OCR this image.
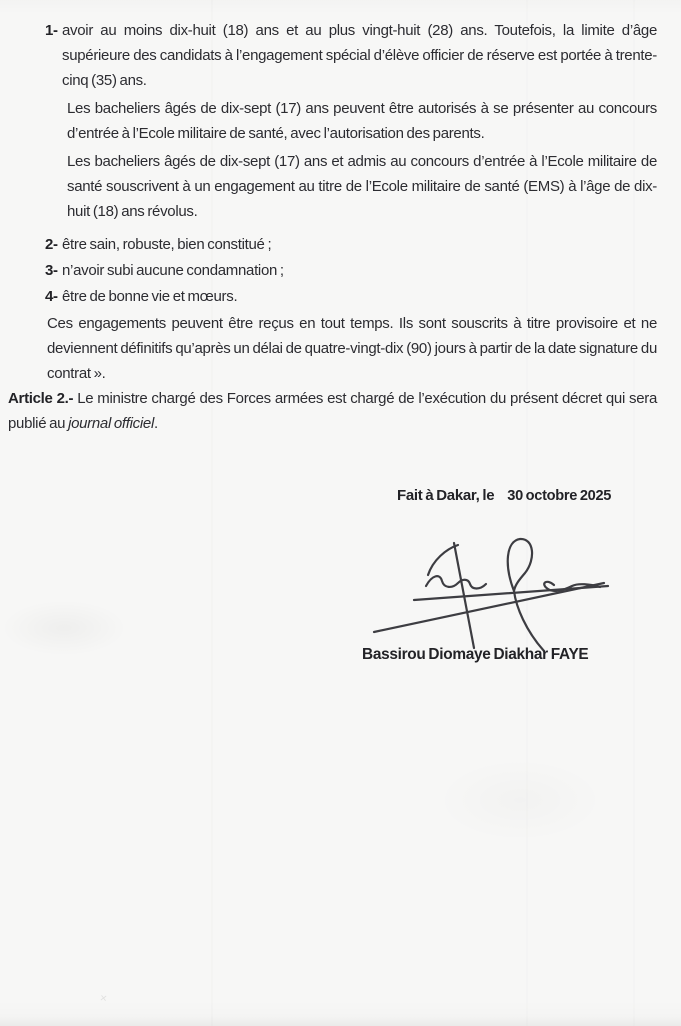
1- avoir au moins dix-huit (18) ans et au plus vingt-huit (28) ans. Toutefois, la limite d’âge supérieure des candidats à l’engagement spécial d’élève officier de réserve est portée à trente-cinq (35) ans.

Les bacheliers âgés de dix-sept (17) ans peuvent être autorisés à se présenter au concours d’entrée à l’Ecole militaire de santé, avec l’autorisation des parents.

Les bacheliers âgés de dix-sept (17) ans et admis au concours d’entrée à l’Ecole militaire de santé souscrivent à un engagement au titre de l’Ecole militaire de santé (EMS) à l’âge de dix-huit (18) ans révolus.

2- être sain, robuste, bien constitué ;
3- n’avoir subi aucune condamnation ;
4- être de bonne vie et mœurs.

Ces engagements peuvent être reçus en tout temps. Ils sont souscrits à titre provisoire et ne deviennent définitifs qu’après un délai de quatre-vingt-dix (90) jours à partir de la date signature du contrat ».

Article 2.- Le ministre chargé des Forces armées est chargé de l’exécution du présent décret qui sera publié au journal officiel.

Fait à Dakar, le 30 octobre 2025
Bassirou Diomaye Diakhar FAYE
×
